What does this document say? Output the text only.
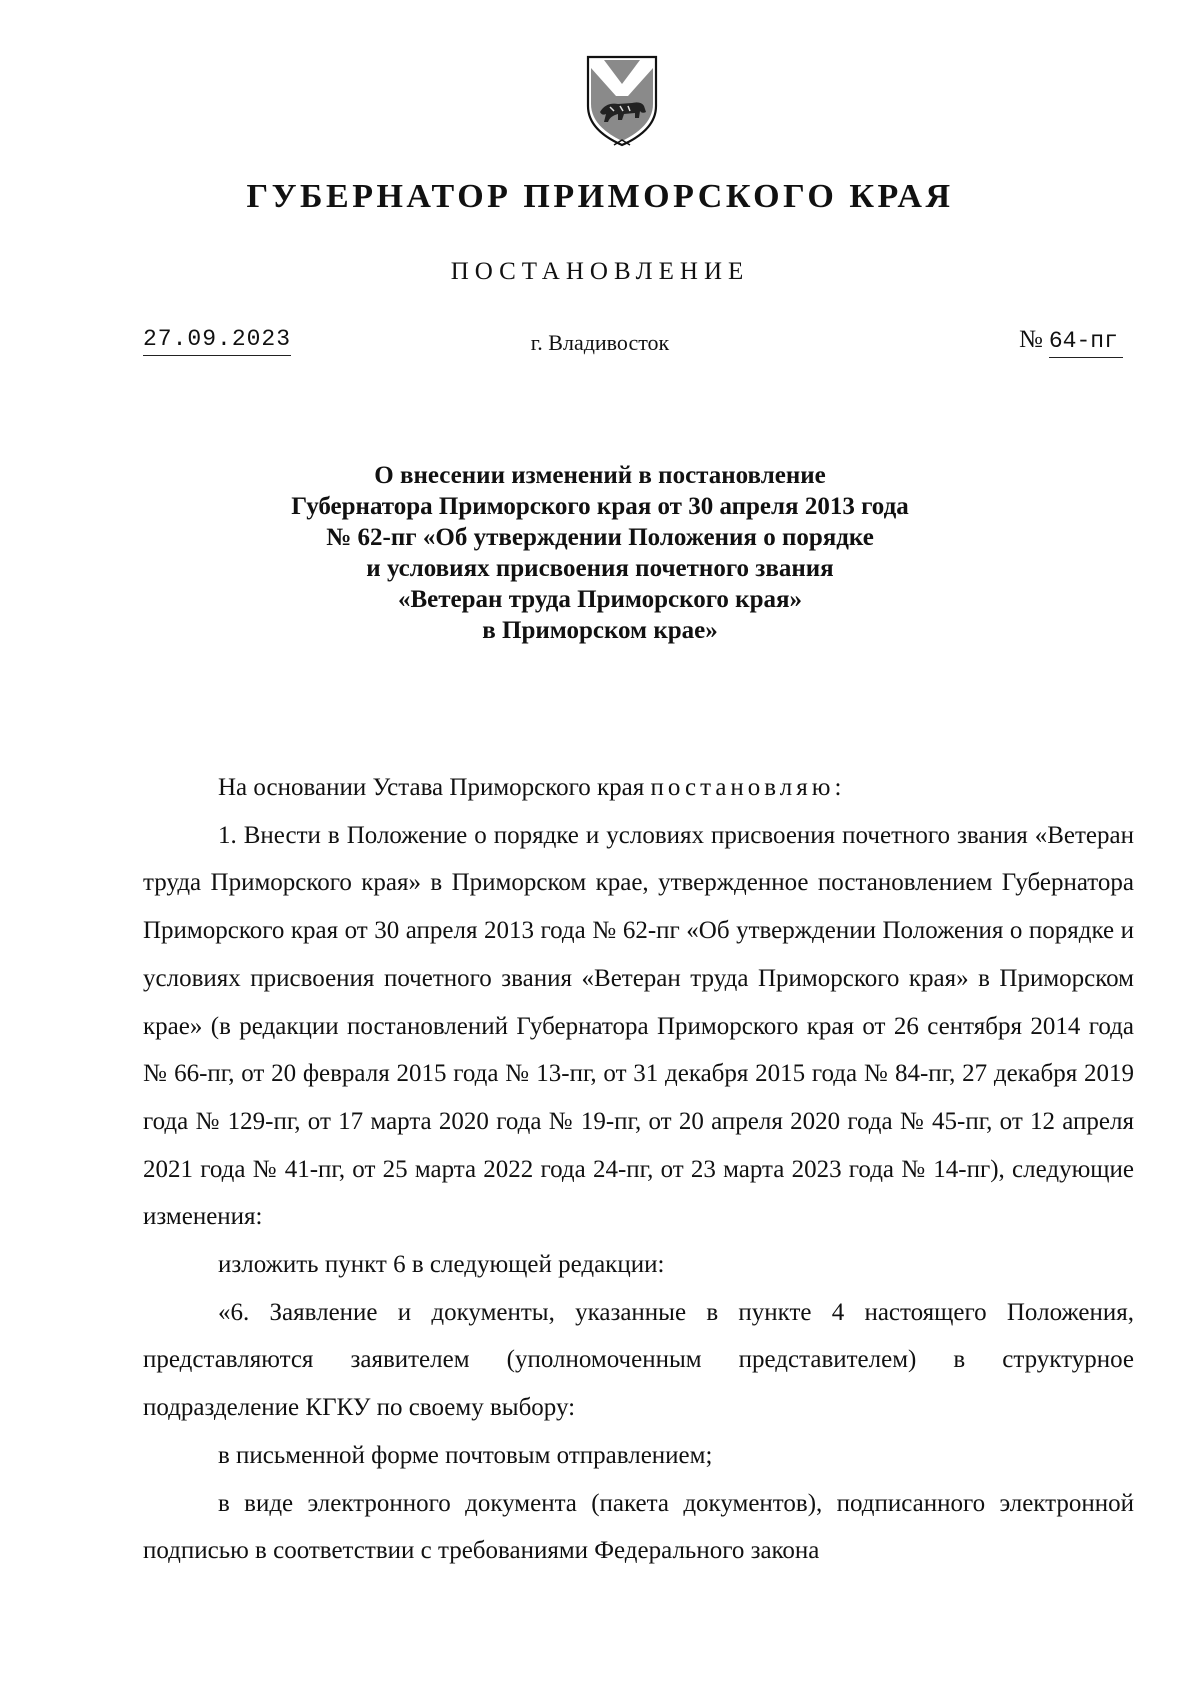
ГУБЕРНАТОР ПРИМОРСКОГО КРАЯ
ПОСТАНОВЛЕНИЕ
27.09.2023	г. Владивосток	№ 64-пг
О внесении изменений в постановление
Губернатора Приморского края от 30 апреля 2013 года
№ 62-пг «Об утверждении Положения о порядке
и условиях присвоения почетного звания
«Ветеран труда Приморского края»
в Приморском крае»

На основании Устава Приморского края постановляю:

1. Внести в Положение о порядке и условиях присвоения почетного звания «Ветеран труда Приморского края» в Приморском крае, утвержденное постановлением Губернатора Приморского края от 30 апреля 2013 года № 62-пг «Об утверждении Положения о порядке и условиях присвоения почетного звания «Ветеран труда Приморского края» в Приморском крае» (в редакции постановлений Губернатора Приморского края от 26 сентября 2014 года № 66-пг, от 20 февраля 2015 года № 13-пг, от 31 декабря 2015 года № 84-пг, 27 декабря 2019 года № 129-пг, от 17 марта 2020 года № 19-пг, от 20 апреля 2020 года № 45-пг, от 12 апреля 2021 года № 41-пг, от 25 марта 2022 года 24-пг, от 23 марта 2023 года № 14-пг), следующие изменения:

изложить пункт 6 в следующей редакции:

«6. Заявление и документы, указанные в пункте 4 настоящего Положения, представляются заявителем (уполномоченным представителем) в структурное подразделение КГКУ по своему выбору:

в письменной форме почтовым отправлением;

в виде электронного документа (пакета документов), подписанного электронной подписью в соответствии с требованиями Федерального закона
